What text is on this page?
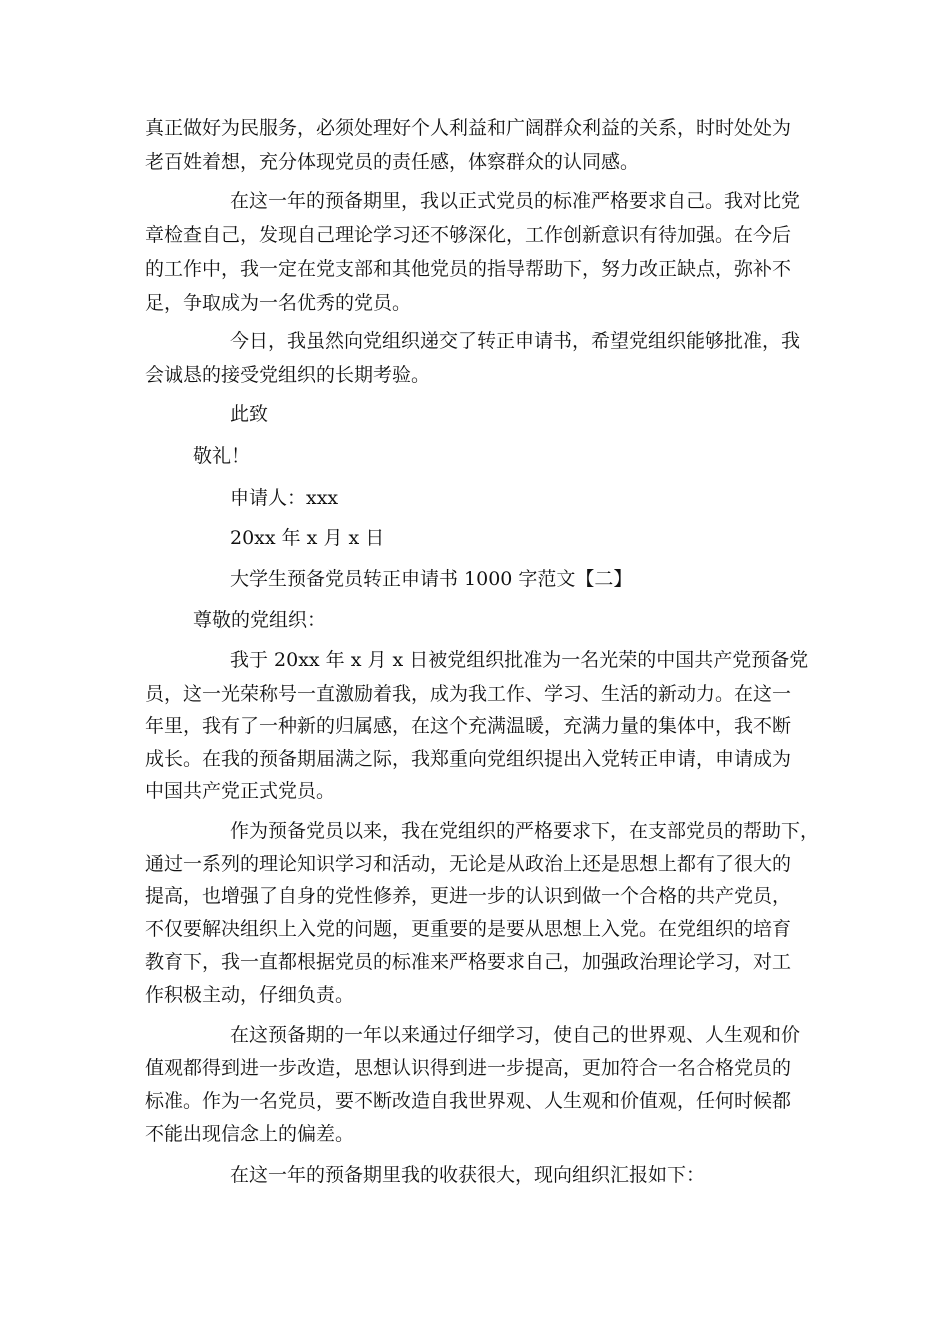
真正做好为民服务，必须处理好个人利益和广阔群众利益的关系，时时处处为
老百姓着想，充分体现党员的责任感，体察群众的认同感。
在这一年的预备期里，我以正式党员的标准严格要求自己。我对比党
章检查自己，发现自己理论学习还不够深化，工作创新意识有待加强。在今后
的工作中，我一定在党支部和其他党员的指导帮助下，努力改正缺点，弥补不
足，争取成为一名优秀的党员。
今日，我虽然向党组织递交了转正申请书，希望党组织能够批准，我
会诚恳的接受党组织的长期考验。
此致
敬礼！
申请人：xxx
20xx 年 x 月 x 日
大学生预备党员转正申请书 1000 字范文【二】
尊敬的党组织：
我于 20xx 年 x 月 x 日被党组织批准为一名光荣的中国共产党预备党
员，这一光荣称号一直激励着我，成为我工作、学习、生活的新动力。在这一
年里，我有了一种新的归属感，在这个充满温暖，充满力量的集体中，我不断
成长。在我的预备期届满之际，我郑重向党组织提出入党转正申请，申请成为
中国共产党正式党员。
作为预备党员以来，我在党组织的严格要求下，在支部党员的帮助下，
通过一系列的理论知识学习和活动，无论是从政治上还是思想上都有了很大的
提高，也增强了自身的党性修养，更进一步的认识到做一个合格的共产党员，
不仅要解决组织上入党的问题，更重要的是要从思想上入党。在党组织的培育
教育下，我一直都根据党员的标准来严格要求自己，加强政治理论学习，对工
作积极主动，仔细负责。
在这预备期的一年以来通过仔细学习，使自己的世界观、人生观和价
值观都得到进一步改造，思想认识得到进一步提高，更加符合一名合格党员的
标准。作为一名党员，要不断改造自我世界观、人生观和价值观，任何时候都
不能出现信念上的偏差。
在这一年的预备期里我的收获很大，现向组织汇报如下：
